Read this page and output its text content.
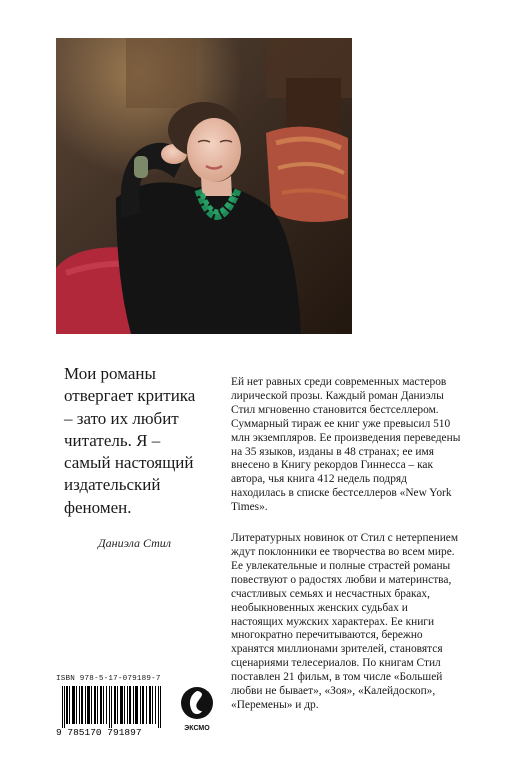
Мои романы отвергает критика – зато их любит читатель. Я – самый настоящий издательский феномен.

Даниэла Стил

Ей нет равных среди современных мастеров лирической прозы. Каждый роман Даниэлы Стил мгновенно становится бестселлером. Суммарный тираж ее книг уже превысил 510 млн экземпляров. Ее произведения переведены на 35 языков, изданы в 48 странах; ее имя внесено в Книгу рекордов Гиннесса – как автора, чья книга 412 недель подряд находилась в списке бестселлеров «New York Times».

Литературных новинок от Стил с нетерпением ждут поклонники ее творчества во всем мире. Ее увлекательные и полные страстей романы повествуют о радостях любви и материнства, счастливых семьях и несчастных браках, необыкновенных женских судьбах и настоящих мужских характерах. Ее книги многократно перечитываются, бережно хранятся миллионами зрителей, становятся сценариями телесериалов. По книгам Стил поставлен 21 фильм, в том числе «Большей любви не бывает», «Зоя», «Калейдоскоп», «Перемены» и др.

ISBN 978-5-17-079189-7
9 785170 791897	ЭКСМО
